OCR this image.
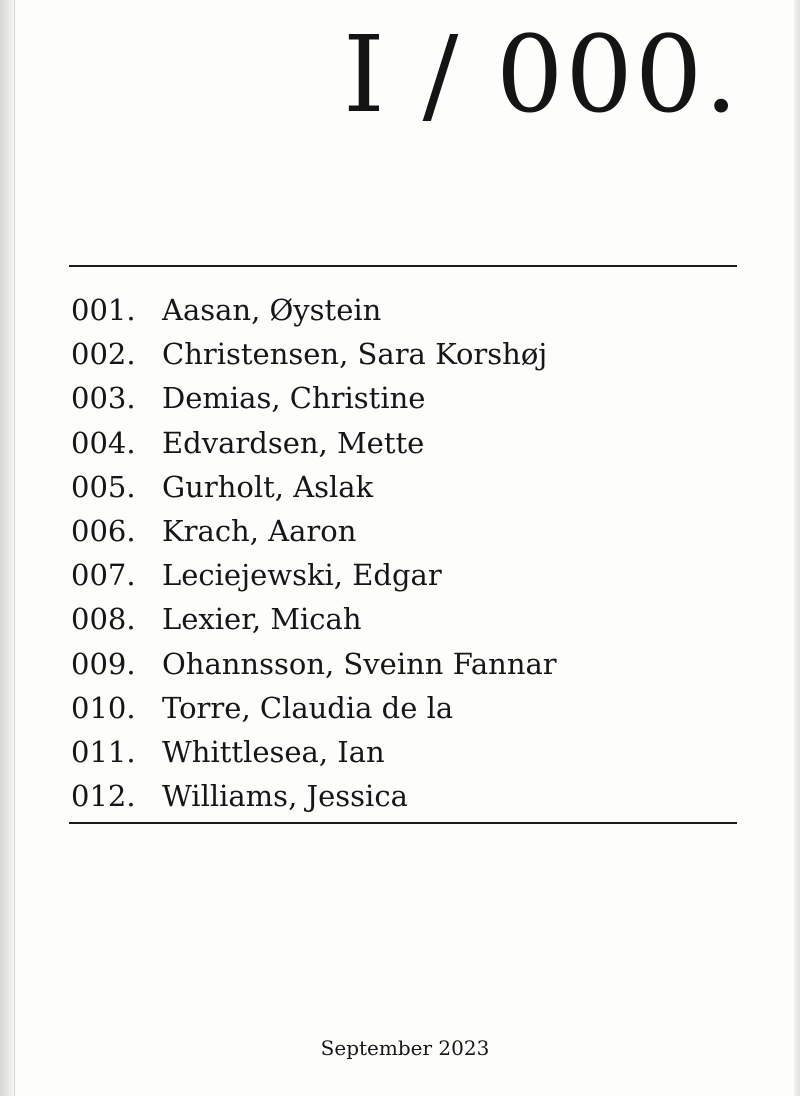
I / 000.
001. Aasan, Øystein
002. Christensen, Sara Korshøj
003. Demias, Christine
004. Edvardsen, Mette
005. Gurholt, Aslak
006. Krach, Aaron
007. Leciejewski, Edgar
008. Lexier, Micah
009. Ohannsson, Sveinn Fannar
010. Torre, Claudia de la
011. Whittlesea, Ian
012. Williams, Jessica

September 2023
